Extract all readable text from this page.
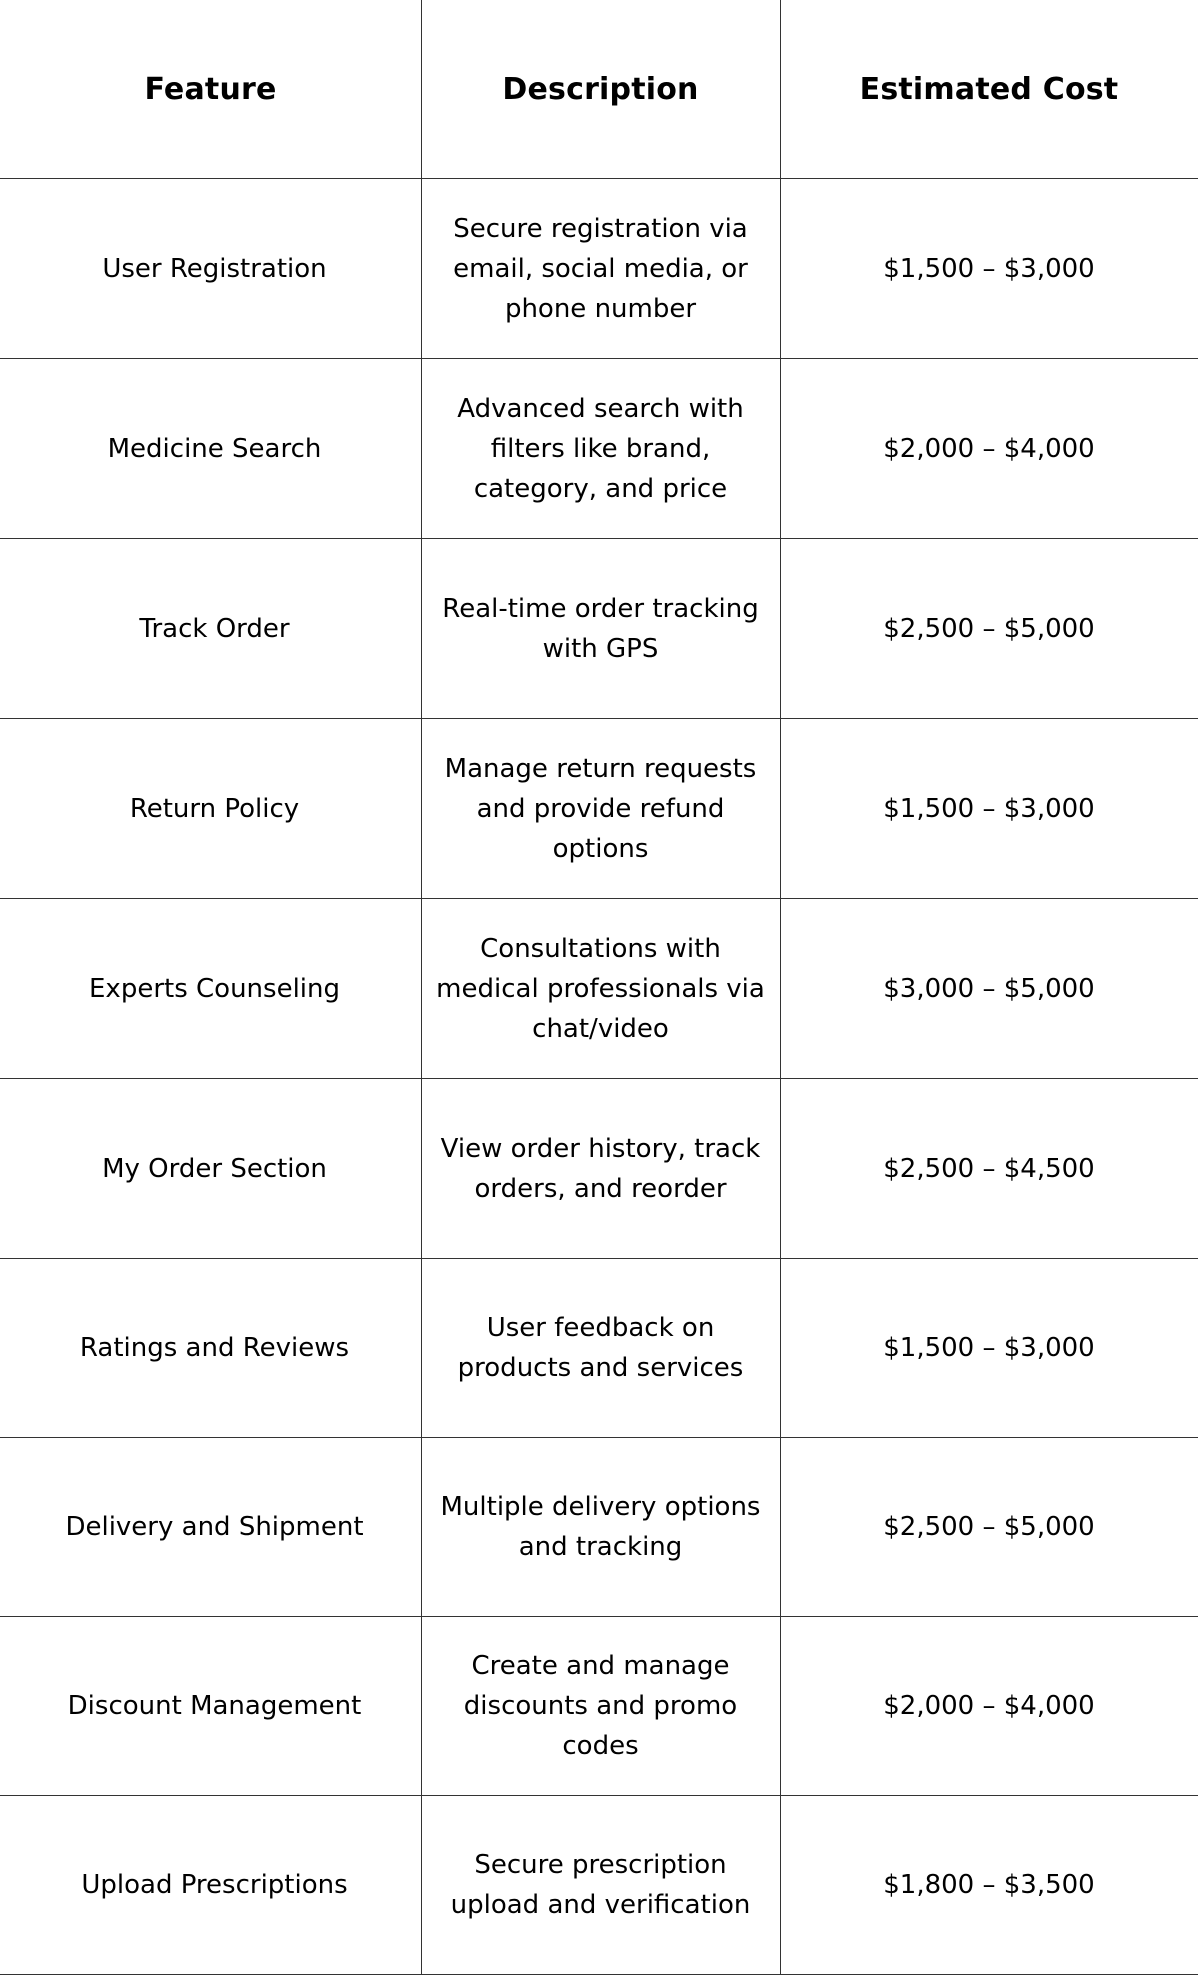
Feature	Description	Estimated Cost
User Registration
Secure registration via email, social media, or phone number
$1,500 – $3,000
Medicine Search
Advanced search with filters like brand, category, and price
$2,000 – $4,000
Track Order
Real-time order tracking with GPS
$2,500 – $5,000
Return Policy
Manage return requests and provide refund options
$1,500 – $3,000
Experts Counseling
Consultations with medical professionals via chat/video
$3,000 – $5,000
My Order Section
View order history, track orders, and reorder
$2,500 – $4,500
Ratings and Reviews
User feedback on products and services
$1,500 – $3,000
Delivery and Shipment
Multiple delivery options and tracking
$2,500 – $5,000
Discount Management
Create and manage discounts and promo codes
$2,000 – $4,000
Upload Prescriptions
Secure prescription upload and verification
$1,800 – $3,500
